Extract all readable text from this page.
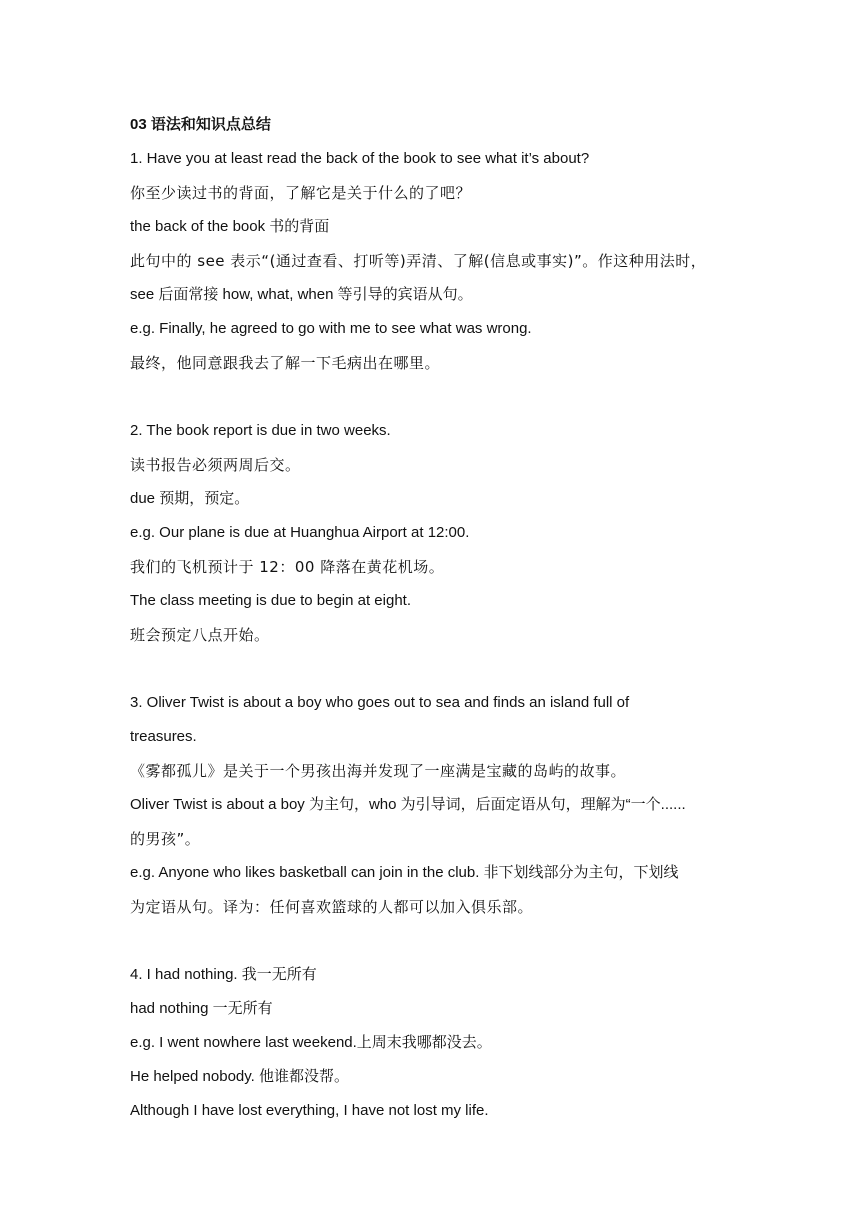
03 语法和知识点总结
1. Have you at least read the back of the book to see what it’s about?
你至少读过书的背面，了解它是关于什么的了吧？
the back of the book 书的背面
此句中的 see 表示“(通过查看、打听等)弄清、了解(信息或事实)”。作这种用法时，
see 后面常接 how, what, when 等引导的宾语从句。
e.g. Finally, he agreed to go with me to see what was wrong.
最终，他同意跟我去了解一下毛病出在哪里。
2. The book report is due in two weeks.
读书报告必须两周后交。
due 预期，预定。
e.g. Our plane is due at Huanghua Airport at 12:00.
我们的飞机预计于 12：00 降落在黄花机场。
The class meeting is due to begin at eight.
班会预定八点开始。
3. Oliver Twist is about a boy who goes out to sea and finds an island full of
treasures.
《雾都孤儿》是关于一个男孩出海并发现了一座满是宝藏的岛屿的故事。
Oliver Twist is about a boy 为主句，who 为引导词，后面定语从句，理解为“一个......
的男孩”。
e.g. Anyone who likes basketball can join in the club. 非下划线部分为主句，下划线
为定语从句。译为：任何喜欢篮球的人都可以加入俱乐部。
4. I had nothing. 我一无所有
had nothing 一无所有
e.g. I went nowhere last weekend.上周末我哪都没去。
He helped nobody. 他谁都没帮。
Although I have lost everything, I have not lost my life.
